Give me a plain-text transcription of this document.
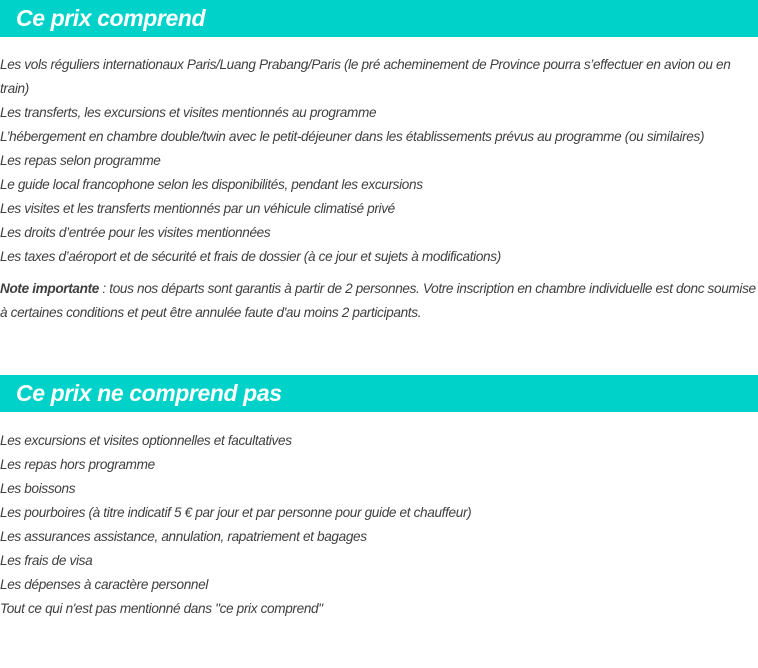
Ce prix comprend
Les vols réguliers internationaux Paris/Luang Prabang/Paris (le pré acheminement de Province pourra s’effectuer en avion ou en train)
Les transferts, les excursions et visites mentionnés au programme
L’hébergement en chambre double/twin avec le petit-déjeuner dans les établissements prévus au programme (ou similaires)
Les repas selon programme
Le guide local francophone selon les disponibilités, pendant les excursions
Les visites et les transferts mentionnés par un véhicule climatisé privé
Les droits d’entrée pour les visites mentionnées
Les taxes d’aéroport et de sécurité et frais de dossier (à ce jour et sujets à modifications)

Note importante : tous nos départs sont garantis à partir de 2 personnes. Votre inscription en chambre individuelle est donc soumise à certaines conditions et peut être annulée faute d'au moins 2 participants.

Ce prix ne comprend pas
Les excursions et visites optionnelles et facultatives
Les repas hors programme
Les boissons
Les pourboires (à titre indicatif 5 € par jour et par personne pour guide et chauffeur)
Les assurances assistance, annulation, rapatriement et bagages
Les frais de visa
Les dépenses à caractère personnel
Tout ce qui n'est pas mentionné dans "ce prix comprend"
